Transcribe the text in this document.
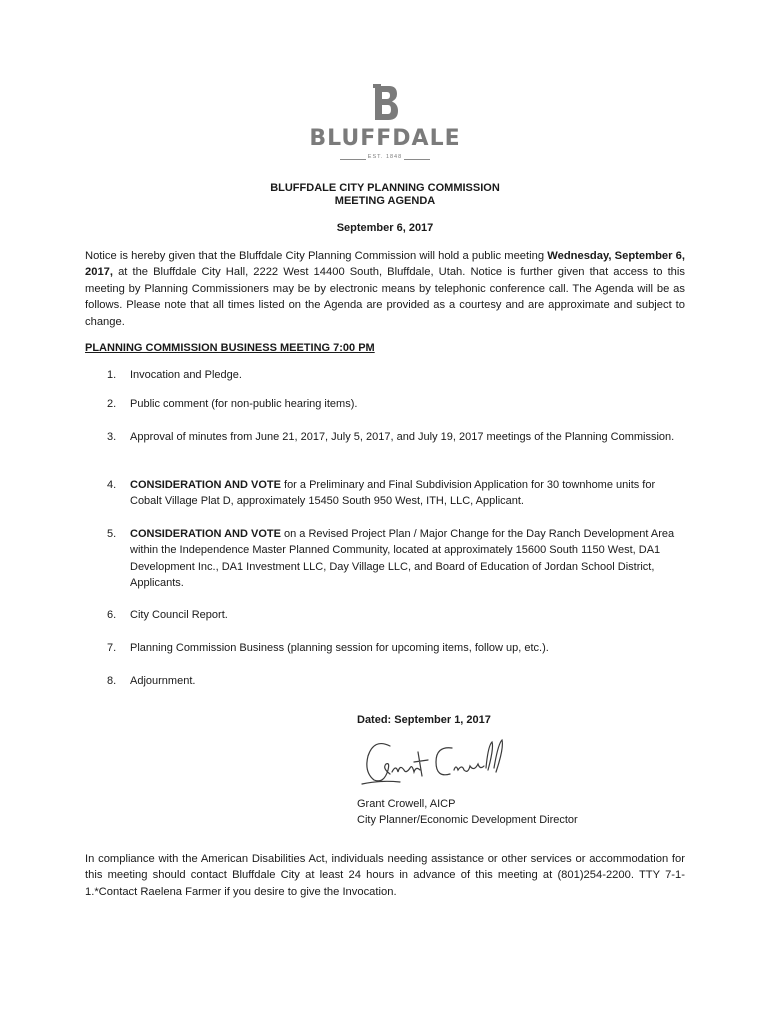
BLUFFDALE
EST. 1848
BLUFFDALE CITY PLANNING COMMISSION
MEETING AGENDA
September 6, 2017
Notice is hereby given that the Bluffdale City Planning Commission will hold a public meeting Wednesday, September 6, 2017, at the Bluffdale City Hall, 2222 West 14400 South, Bluffdale, Utah. Notice is further given that access to this meeting by Planning Commissioners may be by electronic means by telephonic conference call. The Agenda will be as follows. Please note that all times listed on the Agenda are provided as a courtesy and are approximate and subject to change.
PLANNING COMMISSION BUSINESS MEETING 7:00 PM
1.	Invocation and Pledge.
2.	Public comment (for non-public hearing items).
3.	Approval of minutes from June 21, 2017, July 5, 2017, and July 19, 2017 meetings of the Planning Commission.
4.	CONSIDERATION AND VOTE for a Preliminary and Final Subdivision Application for 30 townhome units for Cobalt Village Plat D, approximately 15450 South 950 West, ITH, LLC, Applicant.
5.	CONSIDERATION AND VOTE on a Revised Project Plan / Major Change for the Day Ranch Development Area within the Independence Master Planned Community, located at approximately 15600 South 1150 West, DA1 Development Inc., DA1 Investment LLC, Day Village LLC, and Board of Education of Jordan School District, Applicants.
6.	City Council Report.
7.	Planning Commission Business (planning session for upcoming items, follow up, etc.).
8.	Adjournment.
Dated: September 1, 2017
Grant Crowell, AICP
City Planner/Economic Development Director
In compliance with the American Disabilities Act, individuals needing assistance or other services or accommodation for this meeting should contact Bluffdale City at least 24 hours in advance of this meeting at (801)254-2200. TTY 7-1-1.*Contact Raelena Farmer if you desire to give the Invocation.
